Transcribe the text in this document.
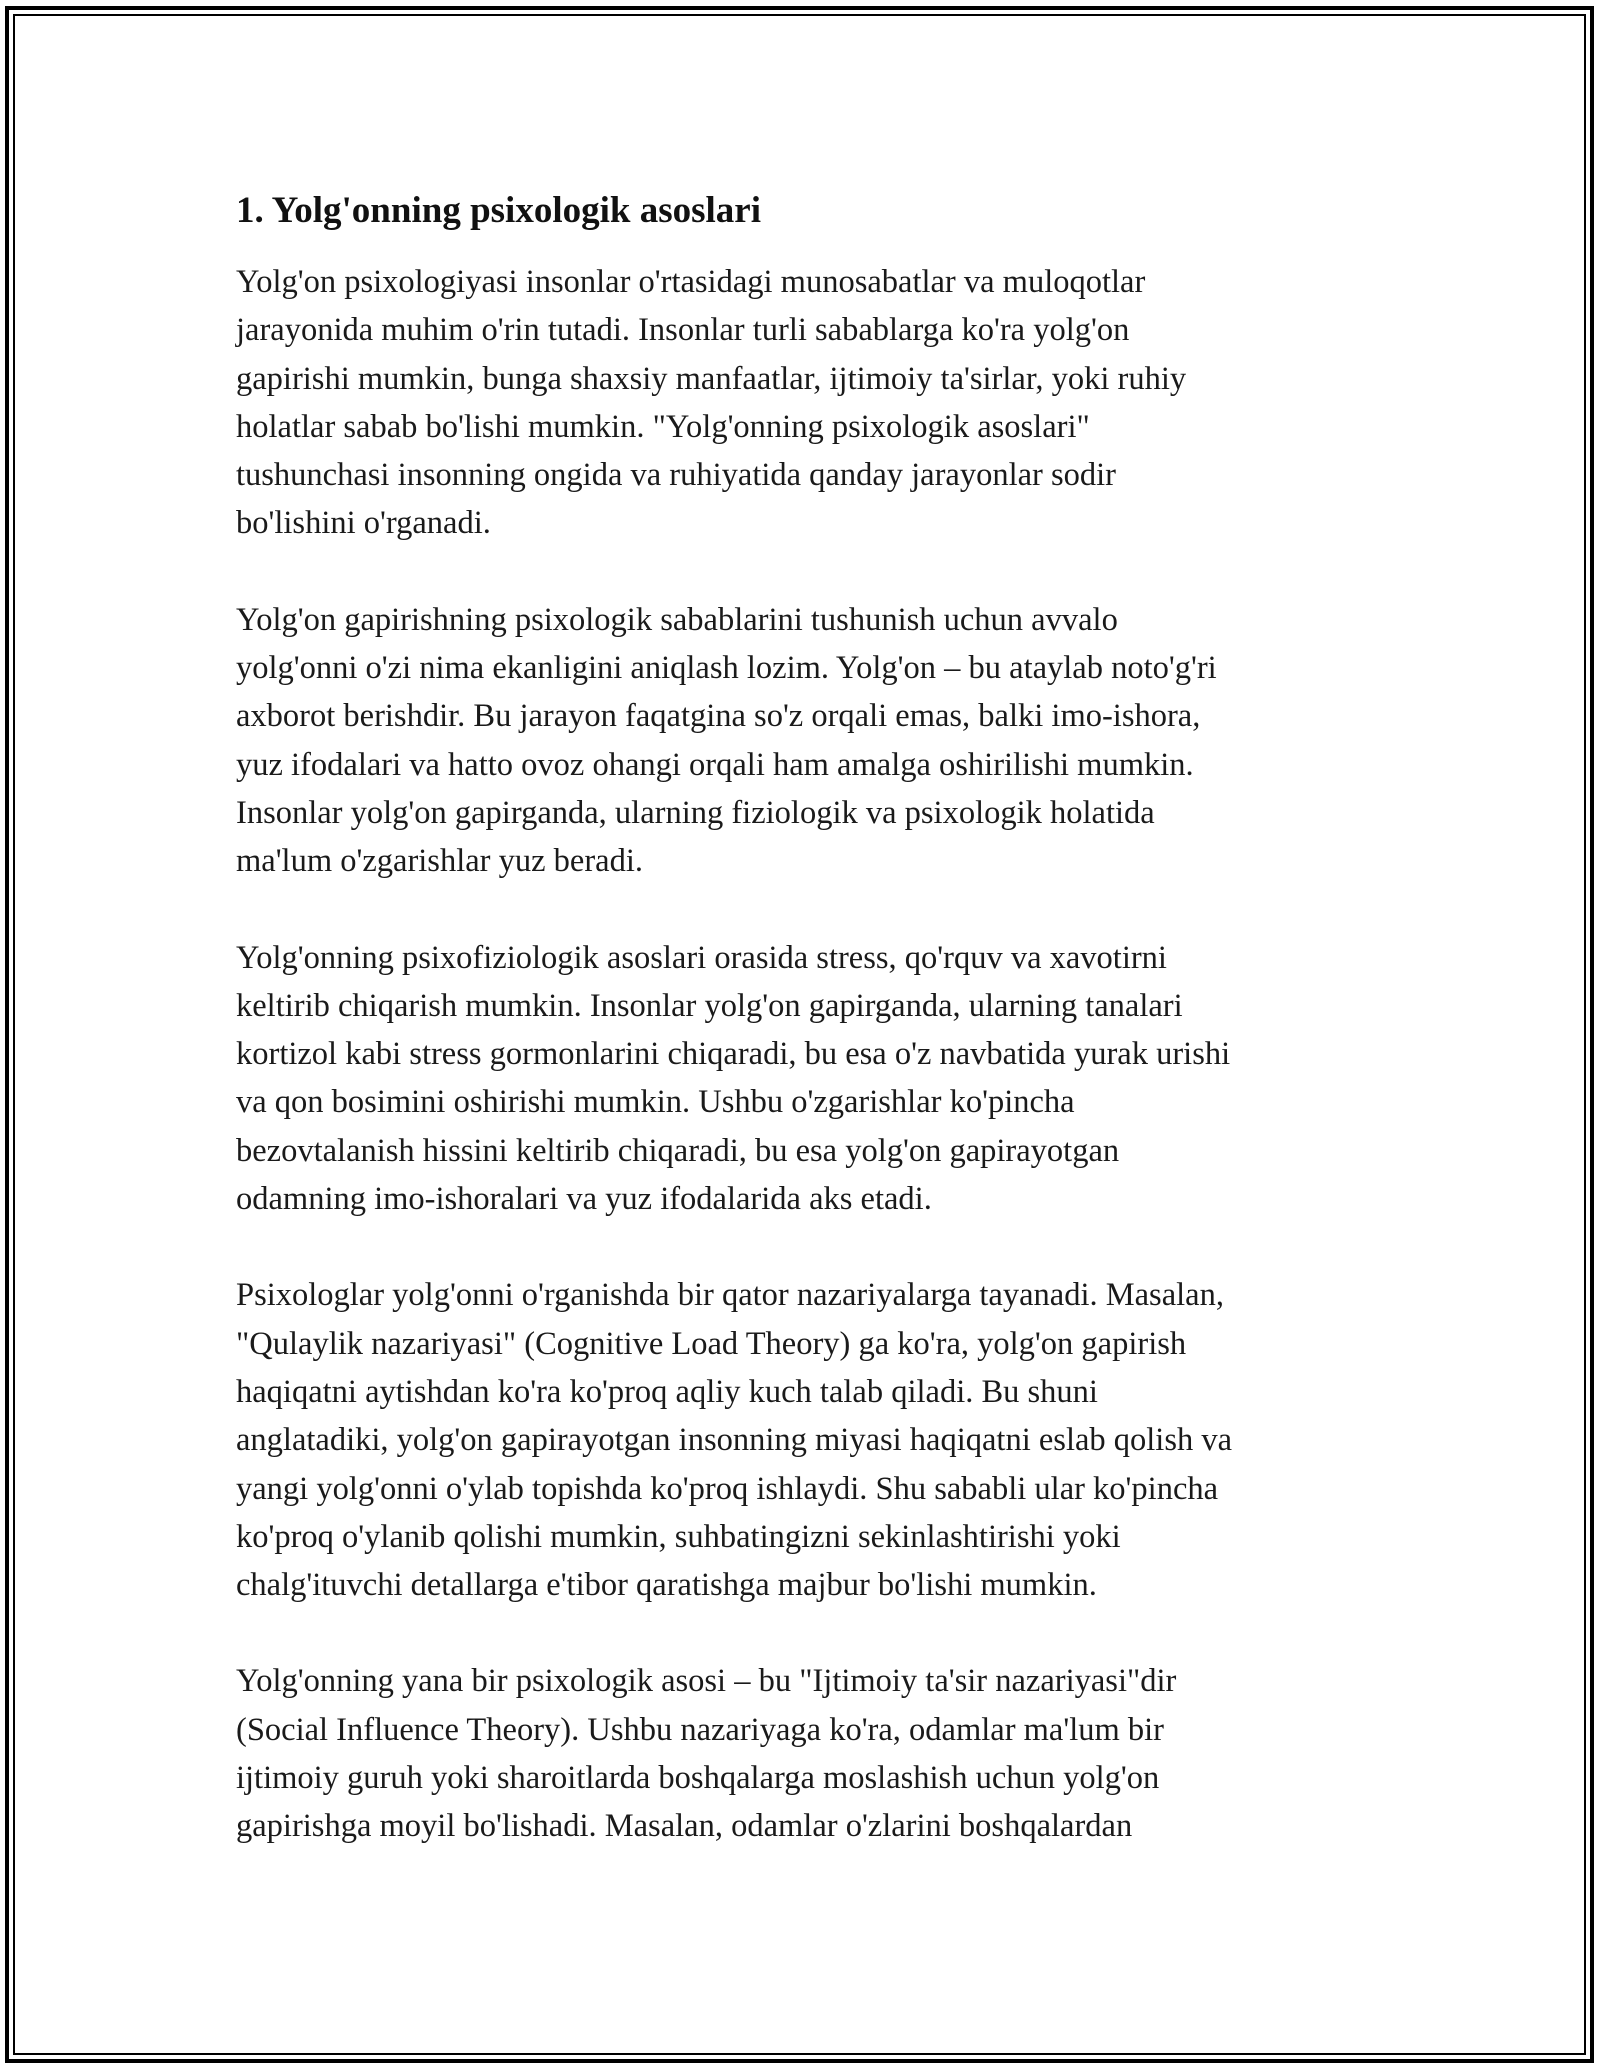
1. Yolg'onning psixologik asoslari

Yolg'on psixologiyasi insonlar o'rtasidagi munosabatlar va muloqotlar
jarayonida muhim o'rin tutadi. Insonlar turli sabablarga ko'ra yolg'on
gapirishi mumkin, bunga shaxsiy manfaatlar, ijtimoiy ta'sirlar, yoki ruhiy
holatlar sabab bo'lishi mumkin. "Yolg'onning psixologik asoslari"
tushunchasi insonning ongida va ruhiyatida qanday jarayonlar sodir
bo'lishini o'rganadi.

Yolg'on gapirishning psixologik sabablarini tushunish uchun avvalo
yolg'onni o'zi nima ekanligini aniqlash lozim. Yolg'on – bu ataylab noto'g'ri
axborot berishdir. Bu jarayon faqatgina so'z orqali emas, balki imo-ishora,
yuz ifodalari va hatto ovoz ohangi orqali ham amalga oshirilishi mumkin.
Insonlar yolg'on gapirganda, ularning fiziologik va psixologik holatida
ma'lum o'zgarishlar yuz beradi.

Yolg'onning psixofiziologik asoslari orasida stress, qo'rquv va xavotirni
keltirib chiqarish mumkin. Insonlar yolg'on gapirganda, ularning tanalari
kortizol kabi stress gormonlarini chiqaradi, bu esa o'z navbatida yurak urishi
va qon bosimini oshirishi mumkin. Ushbu o'zgarishlar ko'pincha
bezovtalanish hissini keltirib chiqaradi, bu esa yolg'on gapirayotgan
odamning imo-ishoralari va yuz ifodalarida aks etadi.

Psixologlar yolg'onni o'rganishda bir qator nazariyalarga tayanadi. Masalan,
"Qulaylik nazariyasi" (Cognitive Load Theory) ga ko'ra, yolg'on gapirish
haqiqatni aytishdan ko'ra ko'proq aqliy kuch talab qiladi. Bu shuni
anglatadiki, yolg'on gapirayotgan insonning miyasi haqiqatni eslab qolish va
yangi yolg'onni o'ylab topishda ko'proq ishlaydi. Shu sababli ular ko'pincha
ko'proq o'ylanib qolishi mumkin, suhbatingizni sekinlashtirishi yoki
chalg'ituvchi detallarga e'tibor qaratishga majbur bo'lishi mumkin.

Yolg'onning yana bir psixologik asosi – bu "Ijtimoiy ta'sir nazariyasi"dir
(Social Influence Theory). Ushbu nazariyaga ko'ra, odamlar ma'lum bir
ijtimoiy guruh yoki sharoitlarda boshqalarga moslashish uchun yolg'on
gapirishga moyil bo'lishadi. Masalan, odamlar o'zlarini boshqalardan
